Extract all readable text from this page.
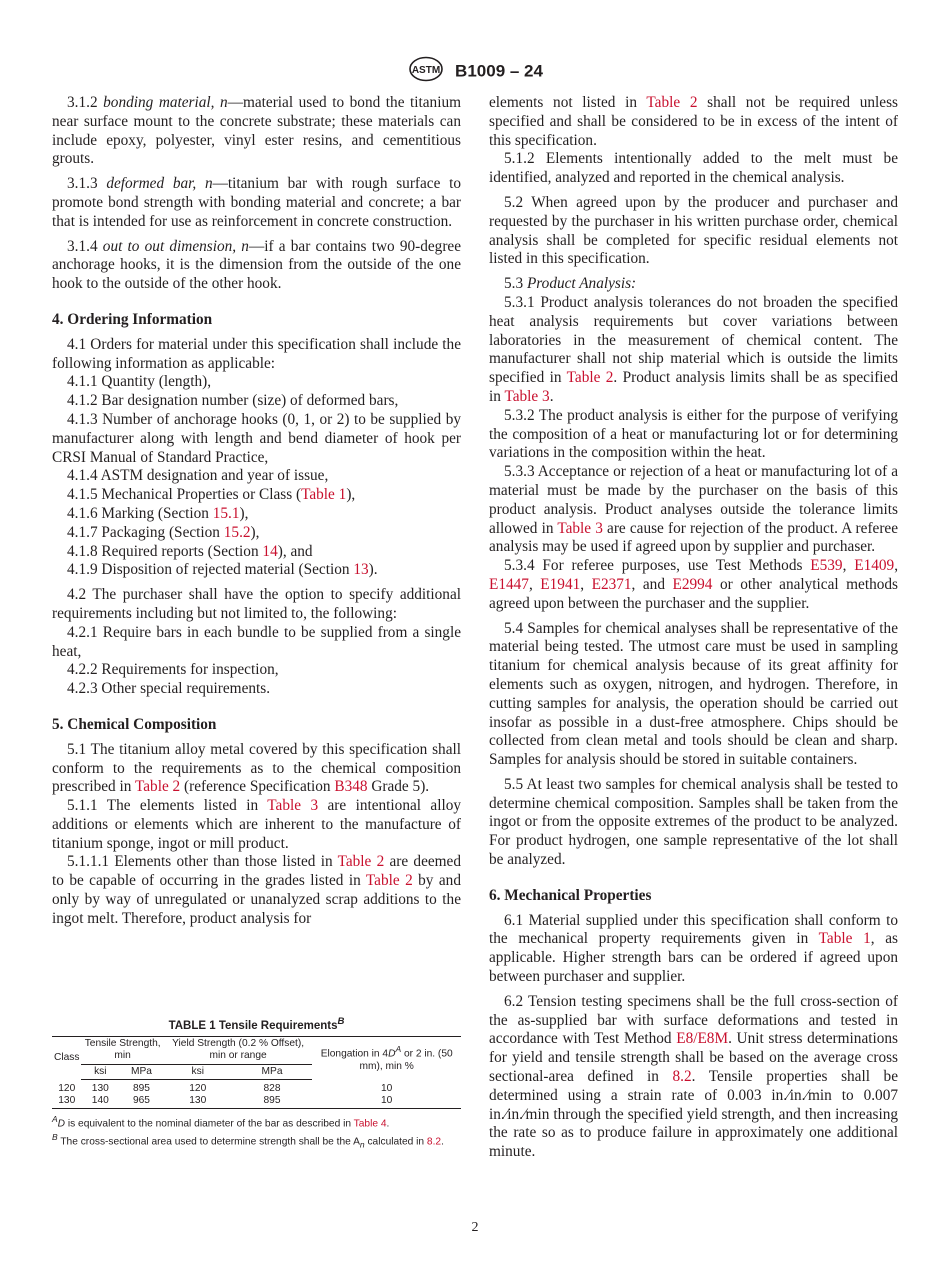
ASTM B1009 – 24

3.1.2 bonding material, n—material used to bond the titanium near surface mount to the concrete substrate; these materials can include epoxy, polyester, vinyl ester resins, and cementitious grouts.

3.1.3 deformed bar, n—titanium bar with rough surface to promote bond strength with bonding material and concrete; a bar that is intended for use as reinforcement in concrete construction.

3.1.4 out to out dimension, n—if a bar contains two 90-degree anchorage hooks, it is the dimension from the outside of the one hook to the outside of the other hook.

4. Ordering Information

4.1 Orders for material under this specification shall include the following information as applicable:

4.1.1 Quantity (length),

4.1.2 Bar designation number (size) of deformed bars,

4.1.3 Number of anchorage hooks (0, 1, or 2) to be supplied by manufacturer along with length and bend diameter of hook per CRSI Manual of Standard Practice,

4.1.4 ASTM designation and year of issue,

4.1.5 Mechanical Properties or Class (Table 1),

4.1.6 Marking (Section 15.1),

4.1.7 Packaging (Section 15.2),

4.1.8 Required reports (Section 14), and

4.1.9 Disposition of rejected material (Section 13).

4.2 The purchaser shall have the option to specify additional requirements including but not limited to, the following:

4.2.1 Require bars in each bundle to be supplied from a single heat,

4.2.2 Requirements for inspection,

4.2.3 Other special requirements.

5. Chemical Composition

5.1 The titanium alloy metal covered by this specification shall conform to the requirements as to the chemical composition prescribed in Table 2 (reference Specification B348 Grade 5).

5.1.1 The elements listed in Table 3 are intentional alloy additions or elements which are inherent to the manufacture of titanium sponge, ingot or mill product.

5.1.1.1 Elements other than those listed in Table 2 are deemed to be capable of occurring in the grades listed in Table 2 by and only by way of unregulated or unanalyzed scrap additions to the ingot melt. Therefore, product analysis for

TABLE 1 Tensile Requirements$^B$
Class	Tensile Strength, min		Yield Strength (0.2 % Offset), min or range		Elongation in $4D^A$ or 2 in. (50 mm), min %
	ksi	MPa	ksi	MPa	
120	130	895	120	828	10
130	140	965	130	895	10

$^A$D is equivalent to the nominal diameter of the bar as described in Table 4.

$^B$ The cross-sectional area used to determine strength shall be the $A_n$ calculated in 8.2.

elements not listed in Table 2 shall not be required unless specified and shall be considered to be in excess of the intent of this specification.

5.1.2 Elements intentionally added to the melt must be identified, analyzed and reported in the chemical analysis.

5.2 When agreed upon by the producer and purchaser and requested by the purchaser in his written purchase order, chemical analysis shall be completed for specific residual elements not listed in this specification.

5.3 Product Analysis:

5.3.1 Product analysis tolerances do not broaden the specified heat analysis requirements but cover variations between laboratories in the measurement of chemical content. The manufacturer shall not ship material which is outside the limits specified in Table 2. Product analysis limits shall be as specified in Table 3.

5.3.2 The product analysis is either for the purpose of verifying the composition of a heat or manufacturing lot or for determining variations in the composition within the heat.

5.3.3 Acceptance or rejection of a heat or manufacturing lot of a material must be made by the purchaser on the basis of this product analysis. Product analyses outside the tolerance limits allowed in Table 3 are cause for rejection of the product. A referee analysis may be used if agreed upon by supplier and purchaser.

5.3.4 For referee purposes, use Test Methods E539, E1409, E1447, E1941, E2371, and E2994 or other analytical methods agreed upon between the purchaser and the supplier.

5.4 Samples for chemical analyses shall be representative of the material being tested. The utmost care must be used in sampling titanium for chemical analysis because of its great affinity for elements such as oxygen, nitrogen, and hydrogen. Therefore, in cutting samples for analysis, the operation should be carried out insofar as possible in a dust-free atmosphere. Chips should be collected from clean metal and tools should be clean and sharp. Samples for analysis should be stored in suitable containers.

5.5 At least two samples for chemical analysis shall be tested to determine chemical composition. Samples shall be taken from the ingot or from the opposite extremes of the product to be analyzed. For product hydrogen, one sample representative of the lot shall be analyzed.

6. Mechanical Properties

6.1 Material supplied under this specification shall conform to the mechanical property requirements given in Table 1, as applicable. Higher strength bars can be ordered if agreed upon between purchaser and supplier.

6.2 Tension testing specimens shall be the full cross-section of the as-supplied bar with surface deformations and tested in accordance with Test Method E8/E8M. Unit stress determinations for yield and tensile strength shall be based on the average cross sectional-area defined in 8.2. Tensile properties shall be determined using a strain rate of 0.003 in.⁄in.⁄min to 0.007 in.⁄in.⁄min through the specified yield strength, and then increasing the rate so as to produce failure in approximately one additional minute.

2
